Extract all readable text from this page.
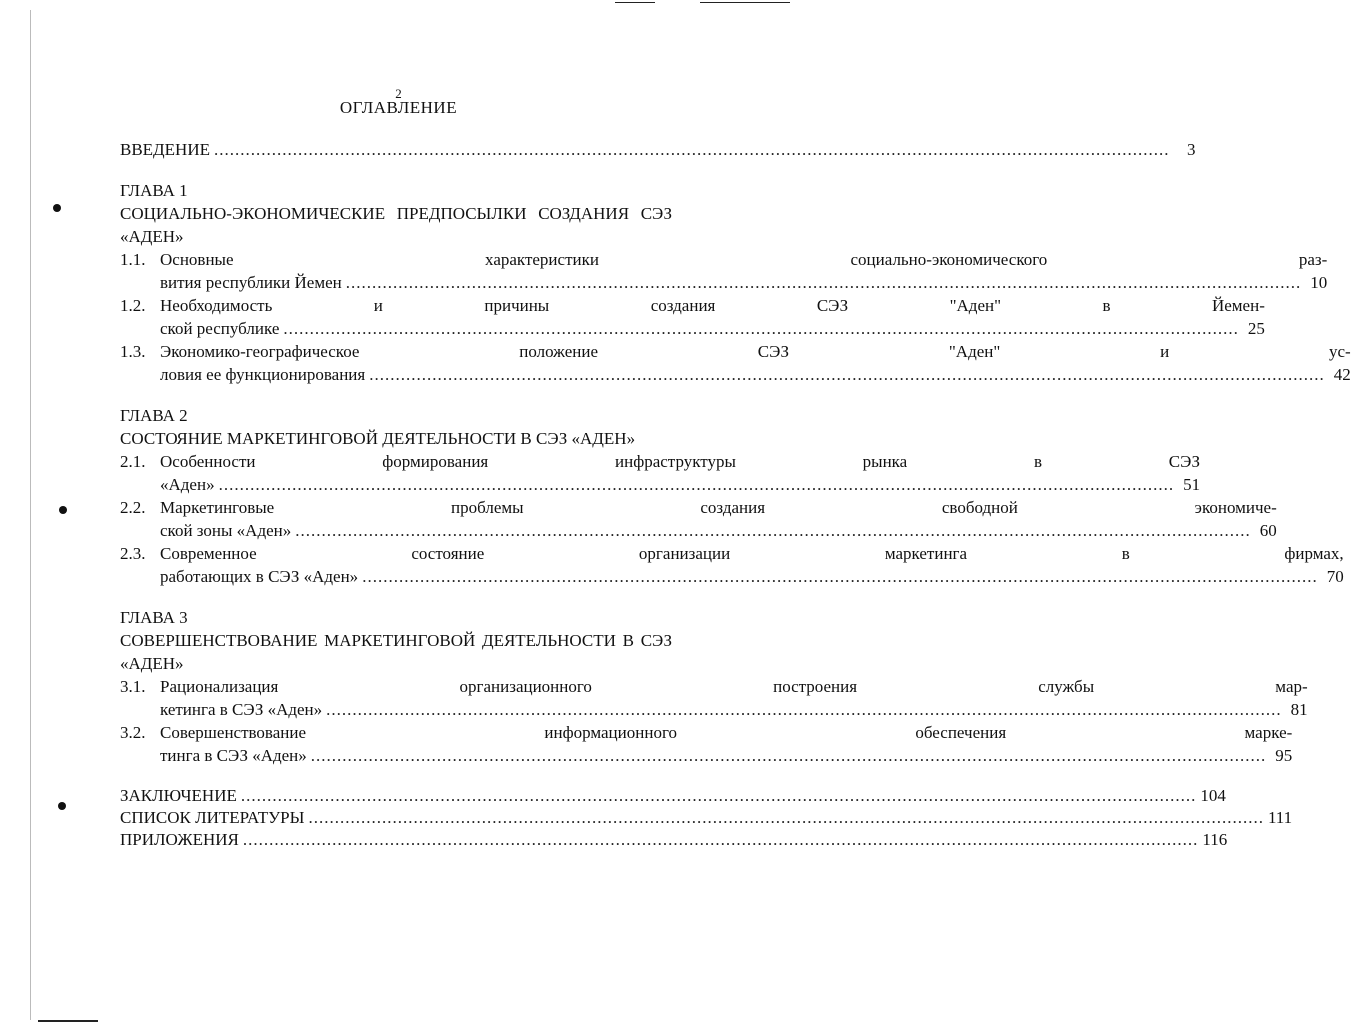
2
ОГЛАВЛЕНИЕ
ВВЕДЕНИЕ .....	3
ГЛАВА 1
СОЦИАЛЬНО-ЭКОНОМИЧЕСКИЕ ПРЕДПОСЫЛКИ СОЗДАНИЯ СЭЗ «АДЕН»
1.1. Основные характеристики социально-экономического раз-
вития республики Йемен .....	10
1.2. Необходимость и причины создания СЭЗ "Аден" в Йемен-
ской республике .....	25
1.3. Экономико-географическое положение СЭЗ "Аден" и ус-
ловия ее функционирования .....	42
ГЛАВА 2
СОСТОЯНИЕ МАРКЕТИНГОВОЙ ДЕЯТЕЛЬНОСТИ В СЭЗ «АДЕН»
2.1. Особенности формирования инфраструктуры рынка в СЭЗ
«Аден» .....	51
2.2. Маркетинговые проблемы создания свободной экономиче-
ской зоны «Аден» .....	60
2.3. Современное состояние организации маркетинга в фирмах,
работающих в СЭЗ «Аден» .....	70
ГЛАВА 3
СОВЕРШЕНСТВОВАНИЕ МАРКЕТИНГОВОЙ ДЕЯТЕЛЬНОСТИ В СЭЗ «АДЕН»
3.1. Рационализация организационного построения службы мар-
кетинга в СЭЗ «Аден» .....	81
3.2. Совершенствование информационного обеспечения марке-
тинга в СЭЗ «Аден» .....	95
ЗАКЛЮЧЕНИЕ .....	104
СПИСОК ЛИТЕРАТУРЫ .....	111
ПРИЛОЖЕНИЯ .....	116
